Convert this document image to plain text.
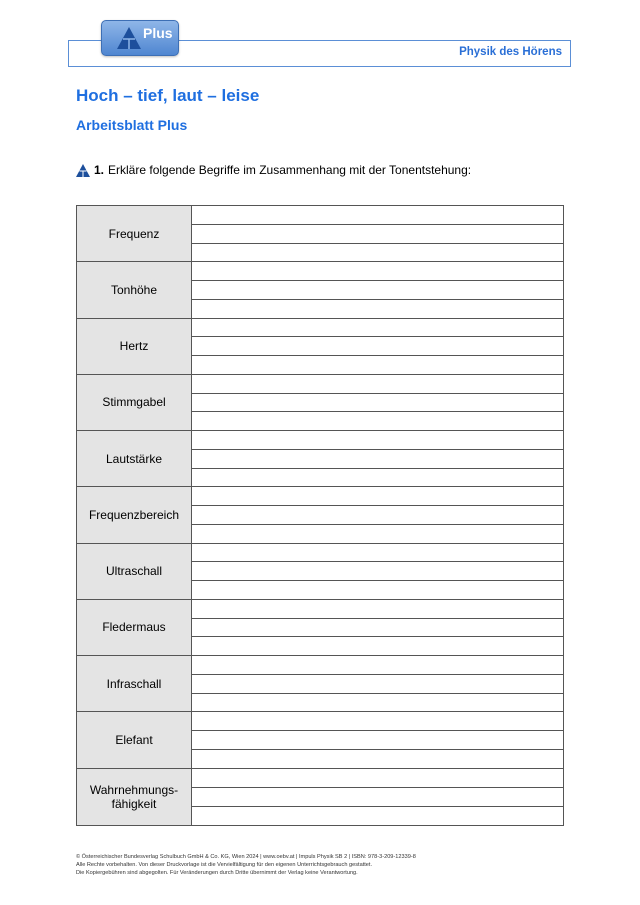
Physik des Hörens
Plus
Hoch – tief, laut – leise
Arbeitsblatt Plus
1. Erkläre folgende Begriffe im Zusammenhang mit der Tonentstehung:
Frequenz
Tonhöhe
Hertz
Stimmgabel
Lautstärke
Frequenzbereich
Ultraschall
Fledermaus
Infraschall
Elefant
Wahrnehmungs-
fähigkeit
© Österreichischer Bundesverlag Schulbuch GmbH & Co. KG, Wien 2024 | www.oebv.at | Impuls Physik SB 2 | ISBN: 978-3-209-12339-8
Alle Rechte vorbehalten. Von dieser Druckvorlage ist die Vervielfältigung für den eigenen Unterrichtsgebrauch gestattet.
Die Kopiergebühren sind abgegolten. Für Veränderungen durch Dritte übernimmt der Verlag keine Verantwortung.
